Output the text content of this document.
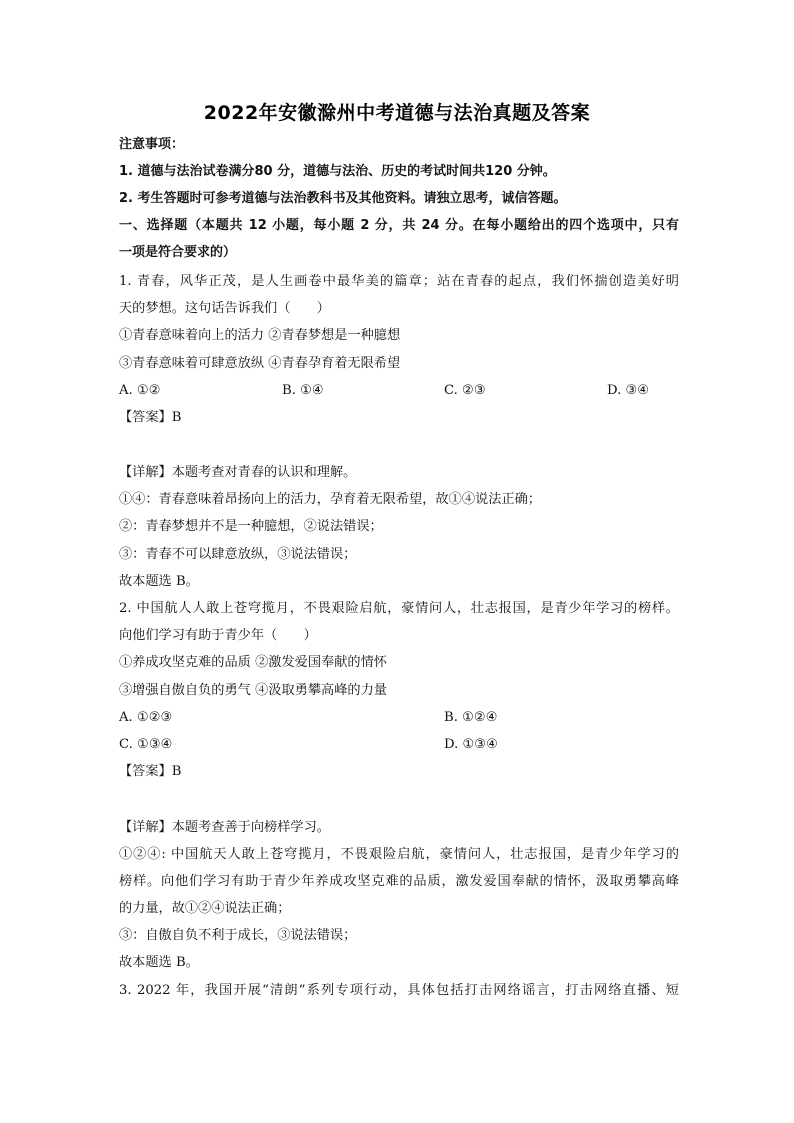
2022年安徽滁州中考道德与法治真题及答案
注意事项：
1. 道德与法治试卷满分80 分，道德与法治、历史的考试时间共120 分钟。
2. 考生答题时可参考道德与法治教科书及其他资料。请独立思考，诚信答题。
一、选择题（本题共 12 小题，每小题 2 分，共 24 分。在每小题给出的四个选项中，只有
一项是符合要求的）
1. 青春，风华正茂，是人生画卷中最华美的篇章；站在青春的起点，我们怀揣创造美好明
天的梦想。这句话告诉我们（　　）
①青春意味着向上的活力 ②青春梦想是一种臆想
③青春意味着可肆意放纵 ④青春孕育着无限希望
A. ①②	B. ①④	C. ②③	D. ③④
【答案】B
【详解】本题考查对青春的认识和理解。
①④：青春意味着昂扬向上的活力，孕育着无限希望，故①④说法正确；
②：青春梦想并不是一种臆想，②说法错误；
③：青春不可以肆意放纵，③说法错误；
故本题选 B。
2. 中国航人人敢上苍穹揽月，不畏艰险启航，豪情问人，壮志报国，是青少年学习的榜样。
向他们学习有助于青少年（　　）
①养成攻坚克难的品质 ②激发爱国奉献的情怀
③增强自傲自负的勇气 ④汲取勇攀高峰的力量
A. ①②③	B. ①②④
C. ①③④	D. ①③④
【答案】B
【详解】本题考查善于向榜样学习。
①②④: 中国航天人敢上苍穹揽月，不畏艰险启航，豪情问人，壮志报国，是青少年学习的
榜样。向他们学习有助于青少年养成攻坚克难的品质，激发爱国奉献的情怀，汲取勇攀高峰
的力量，故①②④说法正确；
③：自傲自负不利于成长，③说法错误；
故本题选 B。
3. 2022 年，我国开展“清朗”系列专项行动，具体包括打击网络谣言，打击网络直播、短
